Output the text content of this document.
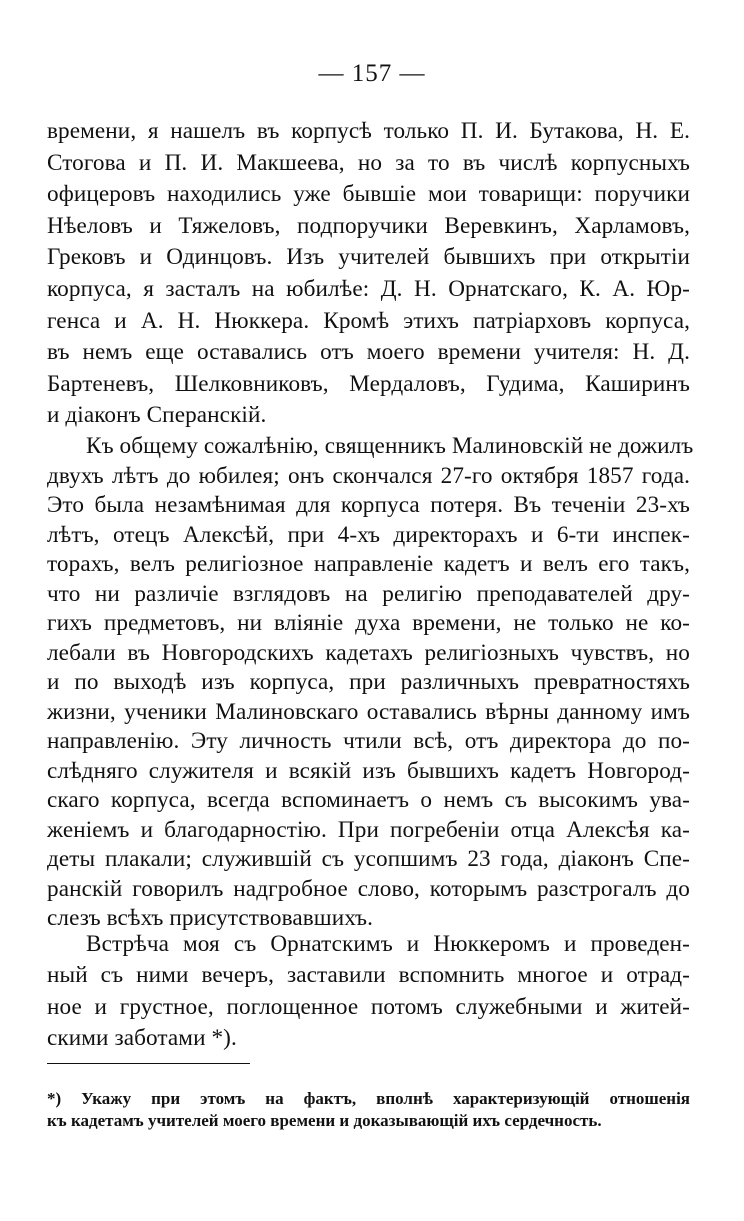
— 157 —
времени, я нашелъ въ корпусѣ только П. И. Бутакова, Н. Е.
Стогова и П. И. Макшеева, но за то въ числѣ корпусныхъ
офицеровъ находились уже бывшіе мои товарищи: поручики
Нѣеловъ и Тяжеловъ, подпоручики Веревкинъ, Харламовъ,
Грековъ и Одинцовъ. Изъ учителей бывшихъ при открытіи
корпуса, я засталъ на юбилѣе: Д. Н. Орнатскаго, К. А. Юр-
генса и А. Н. Нюккера. Кромѣ этихъ патріарховъ корпуса,
въ немъ еще оставались отъ моего времени учителя: Н. Д.
Бартеневъ, Шелковниковъ, Мердаловъ, Гудима, Каширинъ
и діаконъ Сперанскій.
Къ общему сожалѣнію, священникъ Малиновскій не дожилъ
двухъ лѣтъ до юбилея; онъ скончался 27-го октября 1857 года.
Это была незамѣнимая для корпуса потеря. Въ теченіи 23-хъ
лѣтъ, отецъ Алексѣй, при 4-хъ директорахъ и 6-ти инспек-
торахъ, велъ религіозное направленіе кадетъ и велъ его такъ,
что ни различіе взглядовъ на религію преподавателей дру-
гихъ предметовъ, ни вліяніе духа времени, не только не ко-
лебали въ Новгородскихъ кадетахъ религіозныхъ чувствъ, но
и по выходѣ изъ корпуса, при различныхъ превратностяхъ
жизни, ученики Малиновскаго оставались вѣрны данному имъ
направленію. Эту личность чтили всѣ, отъ директора до по-
слѣдняго служителя и всякій изъ бывшихъ кадетъ Новгород-
скаго корпуса, всегда вспоминаетъ о немъ съ высокимъ ува-
женіемъ и благодарностію. При погребеніи отца Алексѣя ка-
деты плакали; служившій съ усопшимъ 23 года, діаконъ Спе-
ранскій говорилъ надгробное слово, которымъ разстрогалъ до
слезъ всѣхъ присутствовавшихъ.
Встрѣча моя съ Орнатскимъ и Нюккеромъ и проведен-
ный съ ними вечеръ, заставили вспомнить многое и отрад-
ное и грустное, поглощенное потомъ служебными и житей-
*) Укажу при этомъ на фактъ, вполнѣ характеризующій отношенія
къ кадетамъ учителей моего времени и доказывающій ихъ сердечность.
скими заботами *).
